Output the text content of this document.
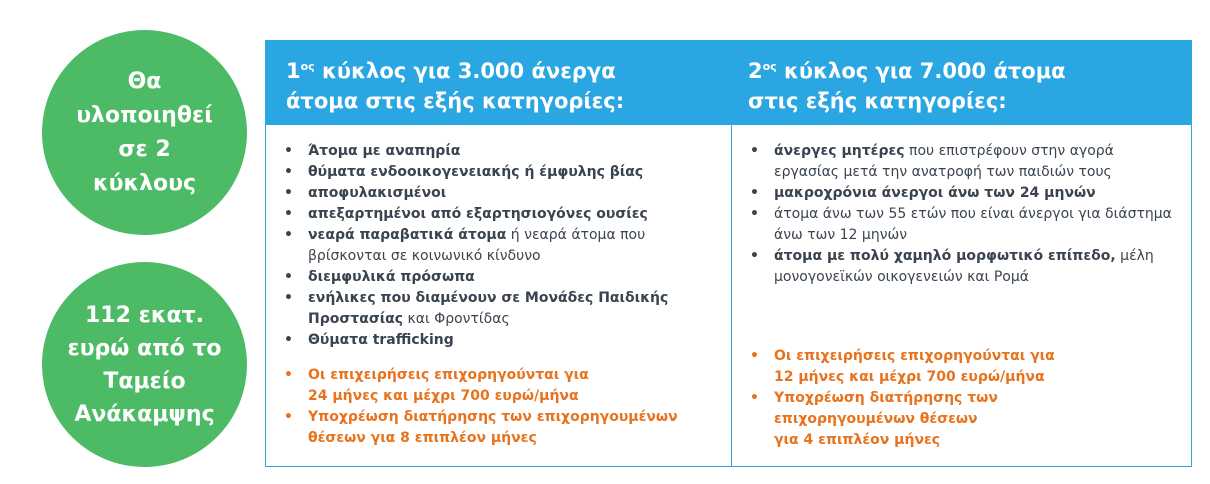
Θα
υλοποιηθεί
σε 2
κύκλους
112 εκατ.
ευρώ από το
Ταμείο
Ανάκαμψης
$1^{o\varsigma}$ κύκλος για 3.000 άνεργα
άτομα στις εξής κατηγορίες:
$2^{o\varsigma}$ κύκλος για 7.000 άτομα
στις εξής κατηγορίες:
• Άτομα με αναπηρία
• θύματα ενδοοικογενειακής ή έμφυλης βίας
• αποφυλακισμένοι
• απεξαρτημένοι από εξαρτησιογόνες ουσίες
• νεαρά παραβατικά άτομα ή νεαρά άτομα που βρίσκονται σε κοινωνικό κίνδυνο
• διεμφυλικά πρόσωπα
• ενήλικες που διαμένουν σε Μονάδες Παιδικής Προστασίας και Φροντίδας
• Θύματα trafficking
• Οι επιχειρήσεις επιχορηγούνται για
24 μήνες και μέχρι 700 ευρώ/μήνα
• Υποχρέωση διατήρησης των επιχορηγουμένων
θέσεων για 8 επιπλέον μήνες
• άνεργες μητέρες που επιστρέφουν στην αγορά εργασίας μετά την ανατροφή των παιδιών τους
• μακροχρόνια άνεργοι άνω των 24 μηνών
• άτομα άνω των 55 ετών που είναι άνεργοι για διάστημα άνω των 12 μηνών
• άτομα με πολύ χαμηλό μορφωτικό επίπεδο, μέλη μονογονεϊκών οικογενειών και Ρομά
• Οι επιχειρήσεις επιχορηγούνται για
12 μήνες και μέχρι 700 ευρώ/μήνα
• Υποχρέωση διατήρησης των
επιχορηγουμένων θέσεων
για 4 επιπλέον μήνες
